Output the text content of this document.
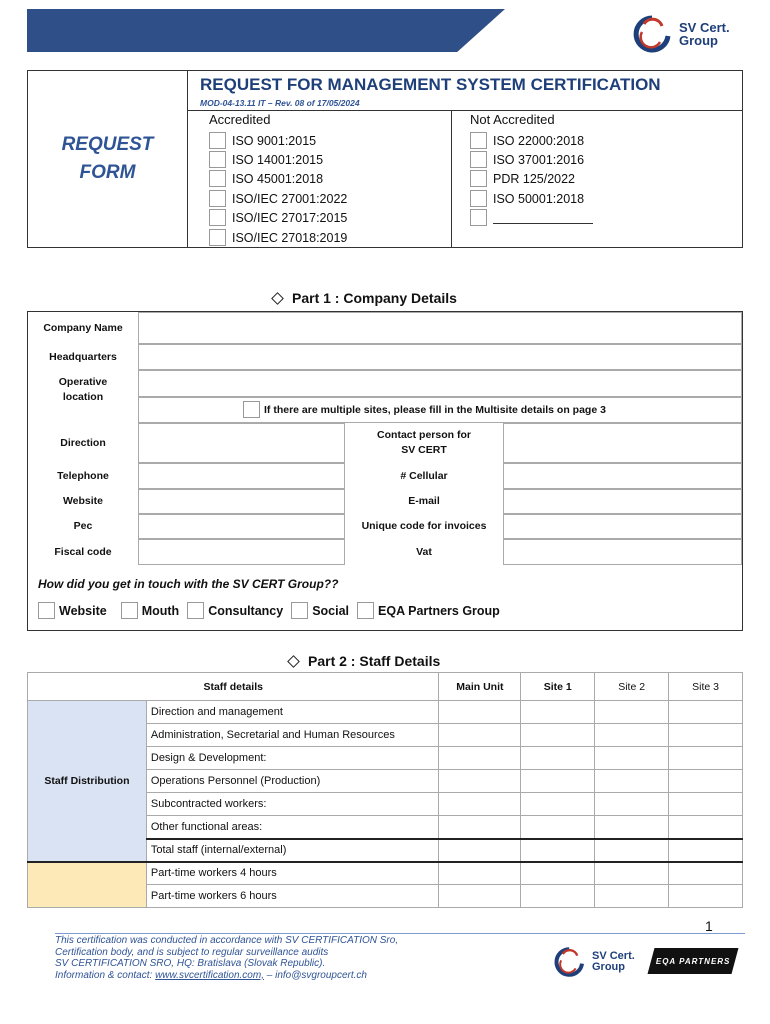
SV Cert.
Group
REQUEST
FORM
REQUEST FOR MANAGEMENT SYSTEM CERTIFICATION
MOD-04-13.11 IT – Rev. 08 of 17/05/2024
Accredited	Not Accredited
ISO 9001:2015
ISO 14001:2015
ISO 45001:2018
ISO/IEC 27001:2022
ISO/IEC 27017:2015
ISO/IEC 27018:2019
ISO 22000:2018
ISO 37001:2016
PDR 125/2022
ISO 50001:2018
Part 1 : Company Details
Company Name
Headquarters
Operative
location
If there are multiple sites, please fill in the Multisite details on page 3
Direction
Contact person for
SV CERT
Telephone	# Cellular
Website	E-mail
Pec	Unique code for invoices
Fiscal code	Vat
How did you get in touch with the SV CERT Group??
Website	Mouth Consultancy Social EQA Partners Group
Part 2 : Staff Details
Staff details		Main Unit	Site 1	Site 2	Site 3
Staff Distribution	Direction and management				
	Administration, Secretarial and Human Resources				
	Design & Development:				
	Operations Personnel (Production)				
	Subcontracted workers:				
	Other functional areas:				
	Total staff (internal/external)				
	Part-time workers 4 hours				
	Part-time workers 6 hours				
1
This certification was conducted in accordance with SV CERTIFICATION Sro,
Certification body, and is subject to regular surveillance audits
SV CERTIFICATION SRO, HQ: Bratislava (Slovak Republic).
Information & contact: www.svcertification.com, – info@svgroupcert.ch
SV Cert.
Group	EQA PARTNERS
